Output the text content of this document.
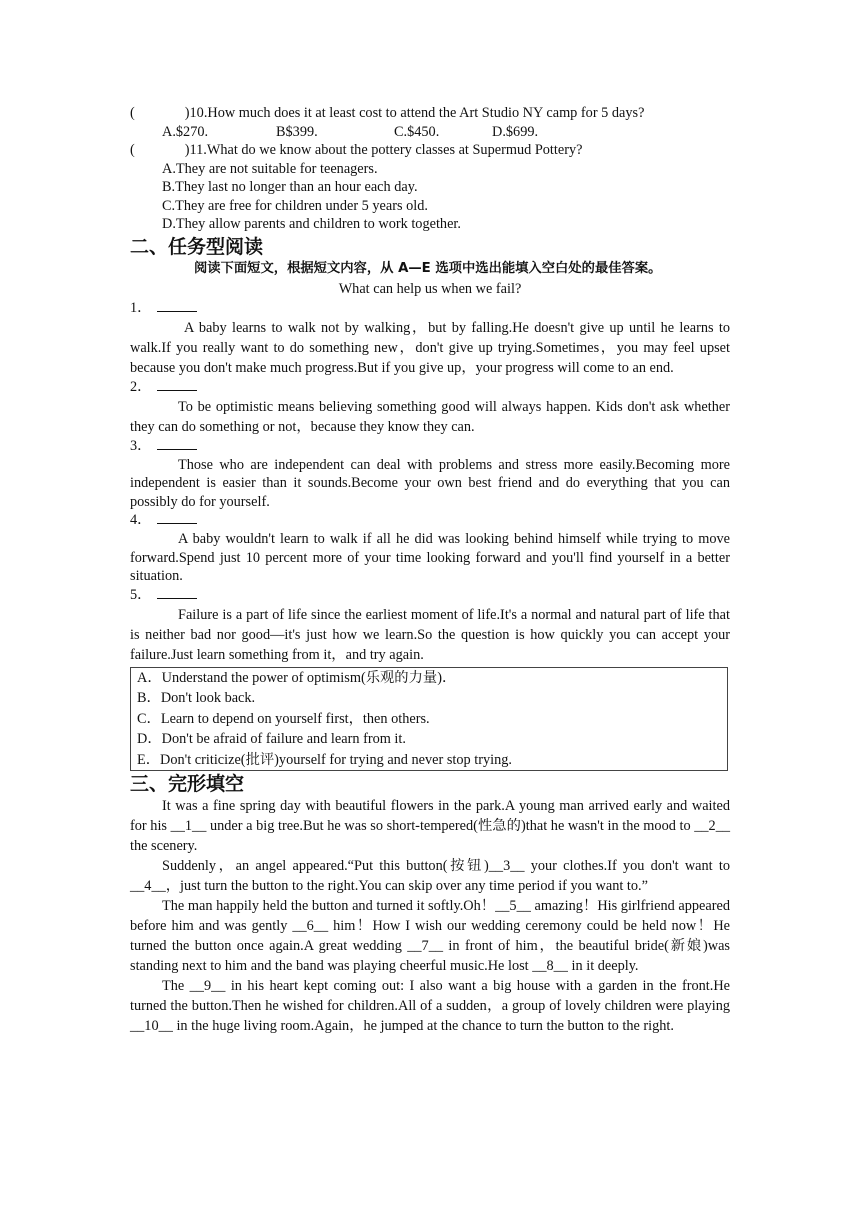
(	)10.How much does it at least cost to attend the Art Studio NY camp for 5 days?
A.$270.	B$399.	C.$450.	D.$699.
(	)11.What do we know about the pottery classes at Supermud Pottery?
A.They are not suitable for teenagers.
B.They last no longer than an hour each day.
C.They are free for children under 5 years old.
D.They allow parents and children to work together.
二、任务型阅读
阅读下面短文，根据短文内容，从 A—E 选项中选出能填入空白处的最佳答案。
What can help us when we fail?
1．
A baby learns to walk not by walking，but by falling.He doesn't give up until he learns to walk.If you really want to do something new，don't give up trying.Sometimes，you may feel upset because you don't make much progress.But if you give up，your progress will come to an end.
2．
To be optimistic means believing something good will always happen. Kids don't ask whether they can do something or not，because they know they can.
3．
Those who are independent can deal with problems and stress more easily.Becoming more independent is easier than it sounds.Become your own best friend and do everything that you can possibly do for yourself.
4．
A baby wouldn't learn to walk if all he did was looking behind himself while trying to move forward.Spend just 10 percent more of your time looking forward and you'll find yourself in a better situation.
5．
Failure is a part of life since the earliest moment of life.It's a normal and natural part of life that is neither bad nor good—it's just how we learn.So the question is how quickly you can accept your failure.Just learn something from it，and try again.
A．Understand the power of optimism(乐观的力量)．
B．Don't look back.
C．Learn to depend on yourself first，then others.
D．Don't be afraid of failure and learn from it.
E．Don't criticize(批评)yourself for trying and never stop trying.
三、完形填空
It was a fine spring day with beautiful flowers in the park.A young man arrived early and waited for his __1__ under a big tree.But he was so short-tempered(性急的)that he wasn't in the mood to __2__ the scenery.
Suddenly，an angel appeared.“Put this button(按钮)__3__ your clothes.If you don't want to __4__，just turn the button to the right.You can skip over any time period if you want to.”
The man happily held the button and turned it softly.Oh！__5__ amazing！His girlfriend appeared before him and was gently __6__ him！How I wish our wedding ceremony could be held now！He turned the button once again.A great wedding __7__ in front of him，the beautiful bride(新娘)was standing next to him and the band was playing cheerful music.He lost __8__ in it deeply.
The __9__ in his heart kept coming out: I also want a big house with a garden in the front.He turned the button.Then he wished for children.All of a sudden，a group of lovely children were playing __10__ in the huge living room.Again，he jumped at the chance to turn the button to the right.
